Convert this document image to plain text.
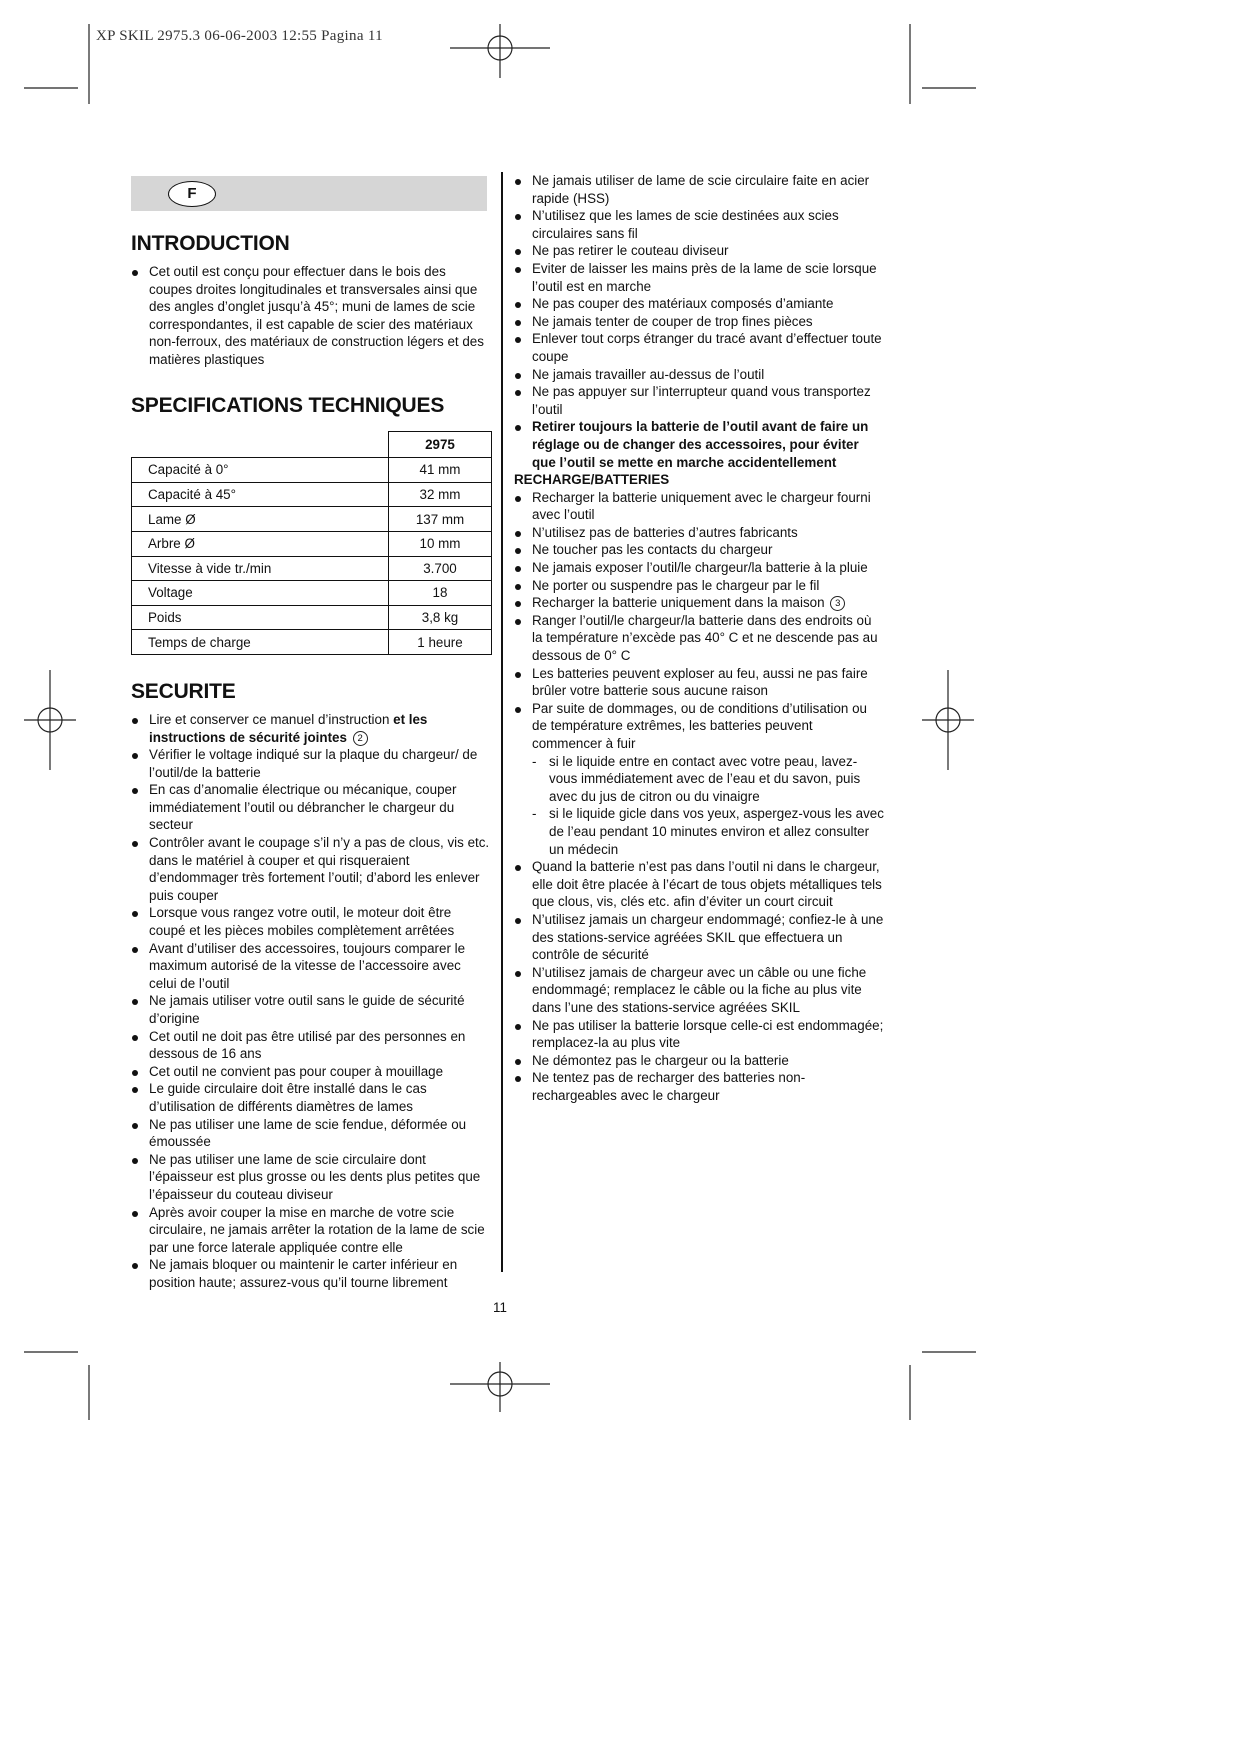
XP SKIL 2975.3 06-06-2003 12:55 Pagina 11
F
INTRODUCTION
Cet outil est conçu pour effectuer dans le bois des coupes droites longitudinales et transversales ainsi que des angles d’onglet jusqu’à 45°; muni de lames de scie correspondantes, il est capable de scier des matériaux non-ferroux, des matériaux de construction légers et des matières plastiques
SPECIFICATIONS TECHNIQUES
	2975
Capacité à 0°	41 mm
Capacité à 45°	32 mm
Lame Ø	137 mm
Arbre Ø	10 mm
Vitesse à vide tr./min	3.700
Voltage	18
Poids	3,8 kg
Temps de charge	1 heure
SECURITE
Lire et conserver ce manuel d’instruction et les instructions de sécurité jointes 2
Vérifier le voltage indiqué sur la plaque du chargeur/ de l’outil/de la batterie
En cas d’anomalie électrique ou mécanique, couper immédiatement l’outil ou débrancher le chargeur du secteur
Contrôler avant le coupage s’il n’y a pas de clous, vis etc. dans le matériel à couper et qui risqueraient d’endommager très fortement l’outil; d’abord les enlever puis couper
Lorsque vous rangez votre outil, le moteur doit être coupé et les pièces mobiles complètement arrêtées
Avant d’utiliser des accessoires, toujours comparer le maximum autorisé de la vitesse de l’accessoire avec celui de l’outil
Ne jamais utiliser votre outil sans le guide de sécurité d’origine
Cet outil ne doit pas être utilisé par des personnes en dessous de 16 ans
Cet outil ne convient pas pour couper à mouillage
Le guide circulaire doit être installé dans le cas d’utilisation de différents diamètres de lames
Ne pas utiliser une lame de scie fendue, déformée ou émoussée
Ne pas utiliser une lame de scie circulaire dont l’épaisseur est plus grosse ou les dents plus petites que l’épaisseur du couteau diviseur
Après avoir couper la mise en marche de votre scie circulaire, ne jamais arrêter la rotation de la lame de scie par une force laterale appliquée contre elle
Ne jamais bloquer ou maintenir le carter inférieur en position haute; assurez-vous qu’il tourne librement
Ne jamais utiliser de lame de scie circulaire faite en acier rapide (HSS)
N’utilisez que les lames de scie destinées aux scies circulaires sans fil
Ne pas retirer le couteau diviseur
Eviter de laisser les mains près de la lame de scie lorsque l’outil est en marche
Ne pas couper des matériaux composés d’amiante
Ne jamais tenter de couper de trop fines pièces
Enlever tout corps étranger du tracé avant d’effectuer toute coupe
Ne jamais travailler au-dessus de l’outil
Ne pas appuyer sur l’interrupteur quand vous transportez l’outil
Retirer toujours la batterie de l’outil avant de faire un réglage ou de changer des accessoires, pour éviter que l’outil se mette en marche accidentellement
RECHARGE/BATTERIES
Recharger la batterie uniquement avec le chargeur fourni avec l’outil
N’utilisez pas de batteries d’autres fabricants
Ne toucher pas les contacts du chargeur
Ne jamais exposer l’outil/le chargeur/la batterie à la pluie
Ne porter ou suspendre pas le chargeur par le fil
Recharger la batterie uniquement dans la maison 3
Ranger l’outil/le chargeur/la batterie dans des endroits où la température n’excède pas 40° C et ne descende pas au dessous de 0° C
Les batteries peuvent exploser au feu, aussi ne pas faire brûler votre batterie sous aucune raison
Par suite de dommages, ou de conditions d’utilisation ou de température extrêmes, les batteries peuvent commencer à fuir
- si le liquide entre en contact avec votre peau, lavez-vous immédiatement avec de l’eau et du savon, puis avec du jus de citron ou du vinaigre
- si le liquide gicle dans vos yeux, aspergez-vous les avec de l’eau pendant 10 minutes environ et allez consulter un médecin
Quand la batterie n’est pas dans l’outil ni dans le chargeur, elle doit être placée à l’écart de tous objets métalliques tels que clous, vis, clés etc. afin d’éviter un court circuit
N’utilisez jamais un chargeur endommagé; confiez-le à une des stations-service agréées SKIL que effectuera un contrôle de sécurité
N’utilisez jamais de chargeur avec un câble ou une fiche endommagé; remplacez le câble ou la fiche au plus vite dans l’une des stations-service agréées SKIL
Ne pas utiliser la batterie lorsque celle-ci est endommagée; remplacez-la au plus vite
Ne démontez pas le chargeur ou la batterie
Ne tentez pas de recharger des batteries non-rechargeables avec le chargeur
11
